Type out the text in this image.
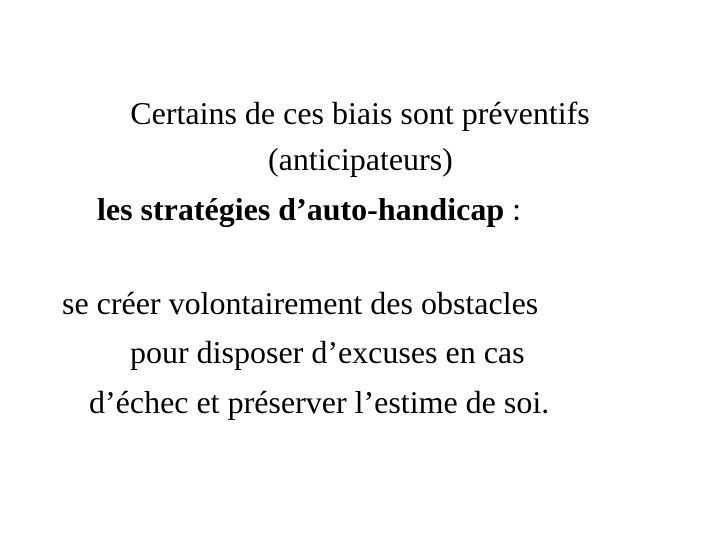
Certains de ces biais sont préventifs
(anticipateurs)
les stratégies d’auto-handicap :
se créer volontairement des obstacles
pour disposer d’excuses en cas
d’échec et préserver l’estime de soi.
